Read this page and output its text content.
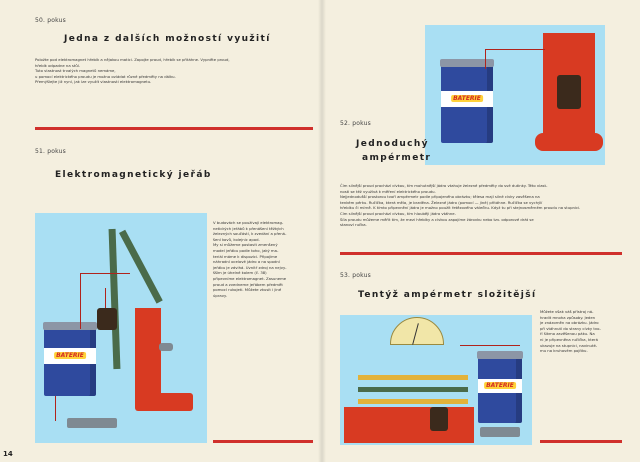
50. pokus
Jedna z dalších možností využití
Položte pod elektromagnet hřebík a nějakou matici. Zapojte proud, hřebík se přitáhne. Vypněte proud,
hřebík odpadne na stůl.
Tuto vlastnost trvalých magnetů nemáme,
u pomocí elektrického proudu je možno ovládat různé předměty na dálku.
Přemýšlejte již nyní, jak lze využít vlastnosti elektromagnetu.
51. pokus
Elektromagnetický jeřáb
BATERIE
V budovách se používají elektromag-
netických jeřábů k přenášení těžkých
železných součástí, k zvedání a přená-
šení kovů, kolejnic apod.
My si můžeme postavit zmenšený
model jeřábu podle toho, jaký ma-
teriál máme k dispozici. Připojíme
náhradní ocelové jádro a na spodní
jeřábu je zdvihá. Uvnitř zdroj na nejvy-
šším je úhelné kolem (č. 38)
připevníme elektromagnet. Zasuneme
proud a zvedneme jeřábem předmět
pomocí rukojeti. Můžete zkusit i jiné
úpravy.
14
BATERIE
52. pokus
Jednoduchý
ampérmetr
Čím silnější proud prochází cívkou, tím mohutnější jádro vtahuje železné předměty do své dutinky. Této vlast-
nosti se též využívá k měření elektrického proudu.
Nejjednodušší prostorou tvoří ampérmetr podle připojeného obrázku; tělesa mají silné cívky zavěšena na
tenkém pérku. Ručička, která měla, je brzděna. Železné jádro (pomocí — jiné) přitáhne. Ručička se vychýlí
hřebíku či mírně. K tímto připevnění jádra je možno použít řetězového válečku. Když tu při stejnosměrném proudu na stupnici.
Cím silnější proud prochází cívkou, tím hlouběji jádro vtáhne.
Síla proudu můžeme měřit tím, že mezi hřebíky a cívkou zapojíme žárovku nebo tzv. odporové drát se
stanoví ručka.
53. pokus
Tentýž ampérmetr složitější
BATERIE
Můžete však váš přístroj ná-
hradit mnoha způsoby. Jeden
je znázorněn na obrázku. Jádro
při vtáhnutí do strany cívky tvo-
ří šikmo zavěšenou páku. Na
ni je připevněna ručička, která
ukazuje na stupnici, navinuté-
mu na kruhovém pojítku.
